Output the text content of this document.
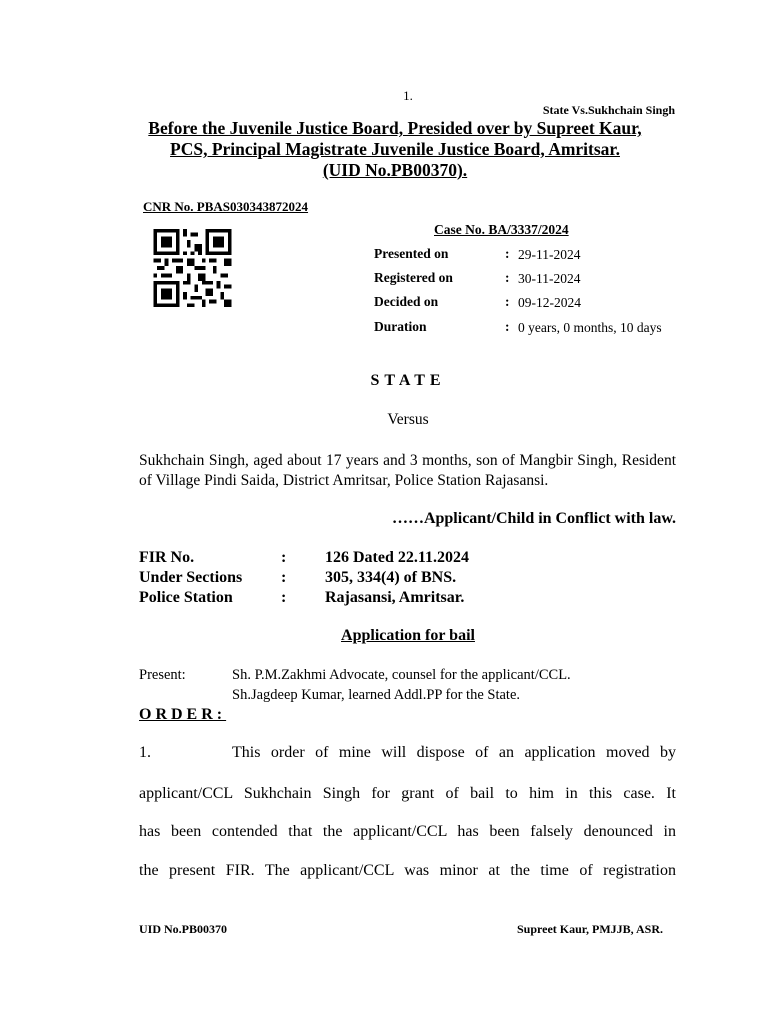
1.
State Vs.Sukhchain Singh
Before the Juvenile Justice Board, Presided over by Supreet Kaur,
PCS, Principal Magistrate Juvenile Justice Board, Amritsar.
(UID No.PB00370).
CNR No. PBAS030343872024
Case No. BA/3337/2024
Presented on	: 29-11-2024
Registered on	: 30-11-2024
Decided on	: 09-12-2024
Duration	: 0 years, 0 months, 10 days
STATE
Versus
Sukhchain Singh, aged about 17 years and 3 months, son of Mangbir Singh, Resident of Village Pindi Saida, District Amritsar, Police Station Rajasansi.
……Applicant/Child in Conflict with law.
FIR No.	: 126 Dated 22.11.2024
Under Sections : 305, 334(4) of BNS.
Police Station	: Rajasansi, Amritsar.
Application for bail
Present:	Sh. P.M.Zakhmi Advocate, counsel for the applicant/CCL.
Sh.Jagdeep Kumar, learned Addl.PP for the State.
ORDER:
1.	This order of mine will dispose of an application moved by
applicant/CCL Sukhchain Singh for grant of bail to him in this case. It
has been contended that the applicant/CCL has been falsely denounced in
the present FIR. The applicant/CCL was minor at the time of registration
UID No.PB00370	Supreet Kaur, PMJJB, ASR.
